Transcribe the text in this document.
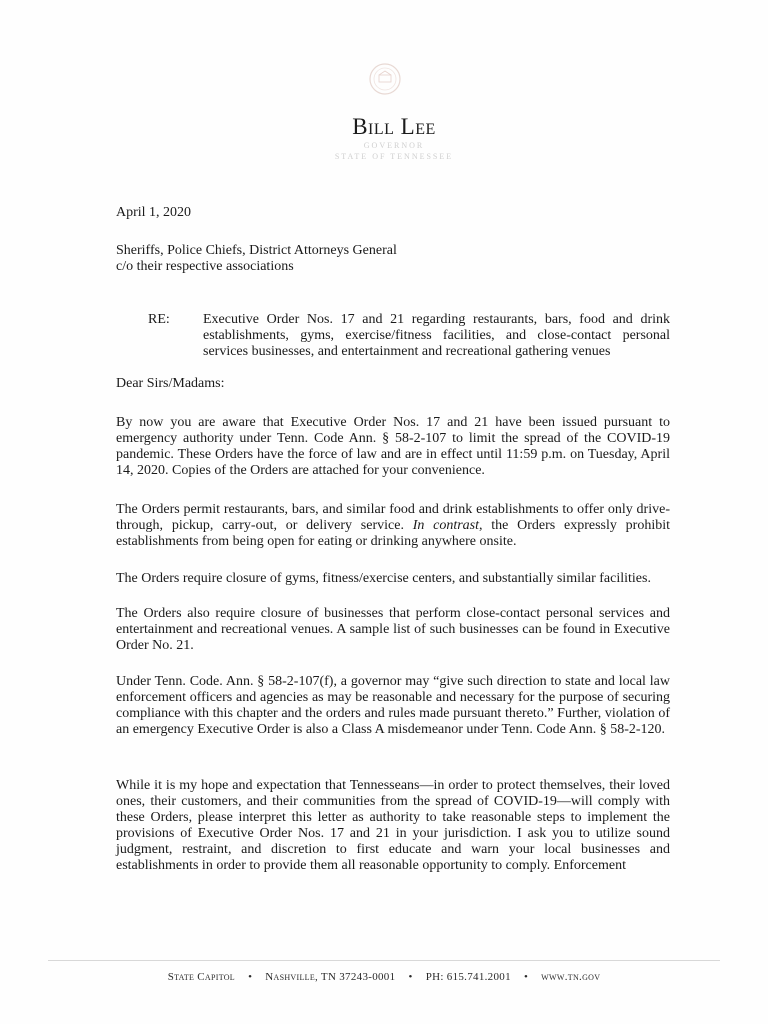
Bill Lee
GOVERNOR
STATE OF TENNESSEE

April 1, 2020

Sheriffs, Police Chiefs, District Attorneys General

c/o their respective associations

RE: Executive Order Nos. 17 and 21 regarding restaurants, bars, food and drink establishments, gyms, exercise/fitness facilities, and close-contact personal services businesses, and entertainment and recreational gathering venues

Dear Sirs/Madams:

By now you are aware that Executive Order Nos. 17 and 21 have been issued pursuant to emergency authority under Tenn. Code Ann. § 58-2-107 to limit the spread of the COVID-19 pandemic. These Orders have the force of law and are in effect until 11:59 p.m. on Tuesday, April 14, 2020. Copies of the Orders are attached for your convenience.

The Orders permit restaurants, bars, and similar food and drink establishments to offer only drive-through, pickup, carry-out, or delivery service. In contrast, the Orders expressly prohibit establishments from being open for eating or drinking anywhere onsite.

The Orders require closure of gyms, fitness/exercise centers, and substantially similar facilities.

The Orders also require closure of businesses that perform close-contact personal services and entertainment and recreational venues. A sample list of such businesses can be found in Executive Order No. 21.

Under Tenn. Code. Ann. § 58-2-107(f), a governor may “give such direction to state and local law enforcement officers and agencies as may be reasonable and necessary for the purpose of securing compliance with this chapter and the orders and rules made pursuant thereto.” Further, violation of an emergency Executive Order is also a Class A misdemeanor under Tenn. Code Ann. § 58-2-120.

While it is my hope and expectation that Tennesseans—in order to protect themselves, their loved ones, their customers, and their communities from the spread of COVID-19—will comply with these Orders, please interpret this letter as authority to take reasonable steps to implement the provisions of Executive Order Nos. 17 and 21 in your jurisdiction. I ask you to utilize sound judgment, restraint, and discretion to first educate and warn your local businesses and establishments in order to provide them all reasonable opportunity to comply. Enforcement

State Capitol • Nashville, TN 37243-0001 • PH: 615.741.2001 • www.tn.gov
